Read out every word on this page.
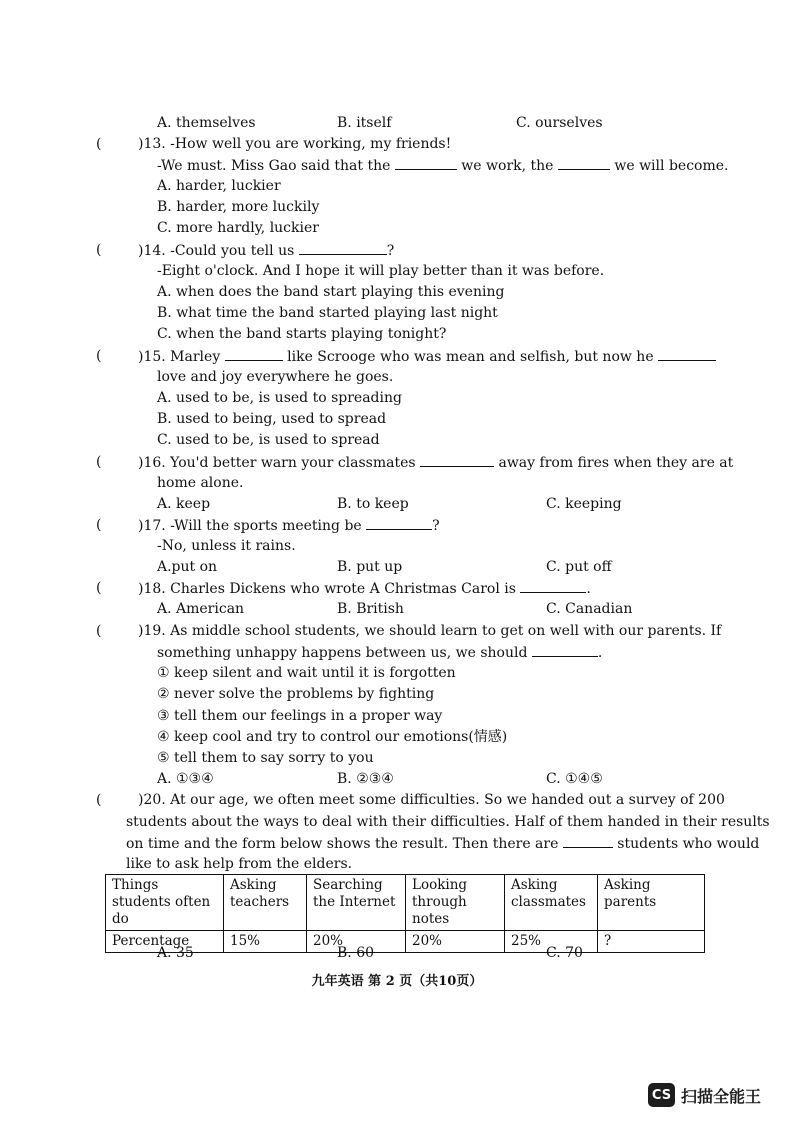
A. themselves	B. itself	C. ourselves
(	)13. -How well you are working, my friends!
-We must. Miss Gao said that the	we work, the	we will become.
A. harder, luckier
B. harder, more luckily
C. more hardly, luckier
(	)14. -Could you tell us	?
-Eight o'clock. And I hope it will play better than it was before.
A. when does the band start playing this evening
B. what time the band started playing last night
C. when the band starts playing tonight?
(	)15. Marley	like Scrooge who was mean and selfish, but now he
love and joy everywhere he goes.
A. used to be, is used to spreading
B. used to being, used to spread
C. used to be, is used to spread
(	)16. You'd better warn your classmates	away from fires when they are at
home alone.
A. keep	B. to keep	C. keeping
(	)17. -Will the sports meeting be	?
-No, unless it rains.
A.put on	B. put up	C. put off
(	)18. Charles Dickens who wrote A Christmas Carol is	.
A. American	B. British	C. Canadian
(	)19. As middle school students, we should learn to get on well with our parents. If
something unhappy happens between us, we should	.
① keep silent and wait until it is forgotten
② never solve the problems by fighting
③ tell them our feelings in a proper way
④ keep cool and try to control our emotions(情感)
⑤ tell them to say sorry to you
A. ①③④	B. ②③④	C. ①④⑤
(	)20. At our age, we often meet some difficulties. So we handed out a survey of 200
students about the ways to deal with their difficulties. Half of them handed in their results
on time and the form below shows the result. Then there are	students who would
like to ask help from the elders.
Things students often do	Asking teachers	Searching the Internet	Looking through notes	Asking classmates	Asking parents
Percentage	15%	20%	20%	25%	?
A. 35	B. 60	C. 70
九年英语 第 2 页（共10页）
CS 扫描全能王
